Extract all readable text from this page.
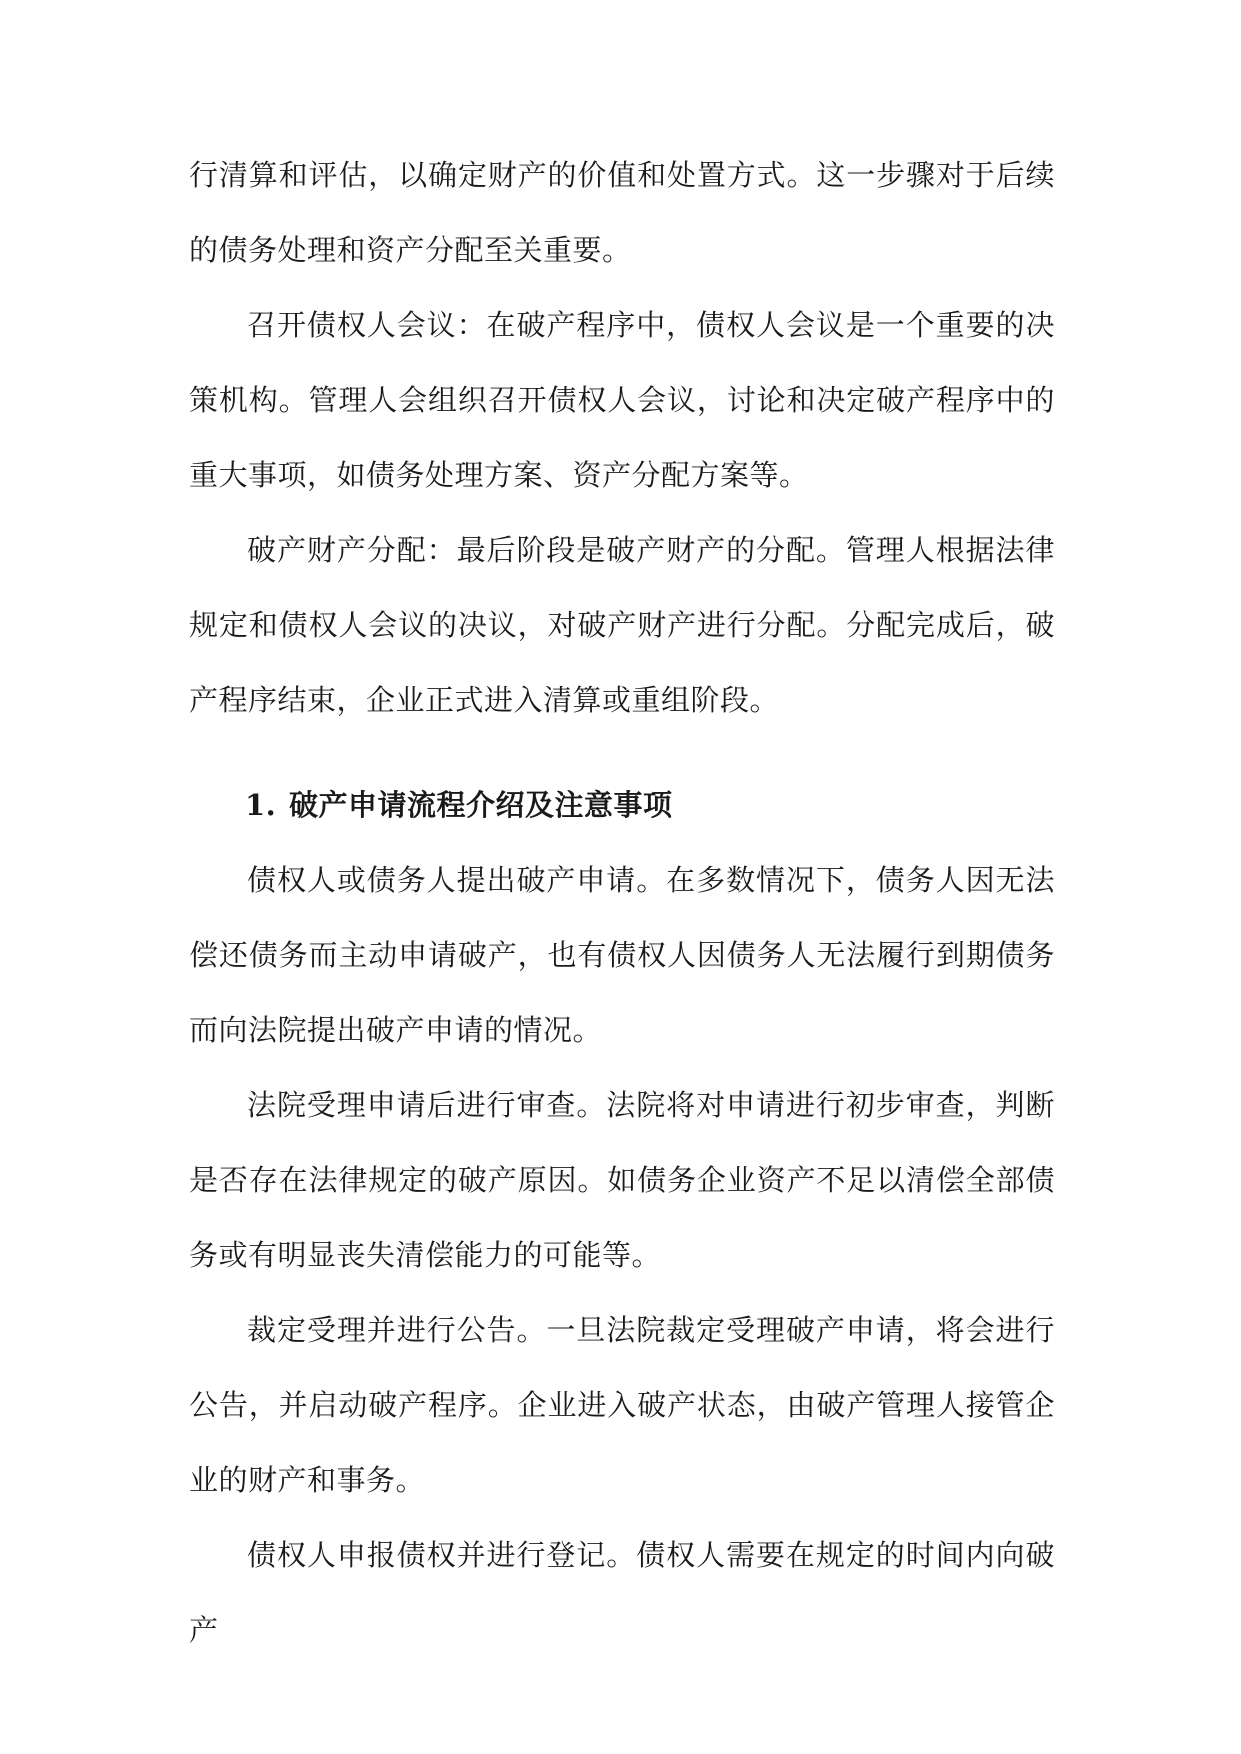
行清算和评估，以确定财产的价值和处置方式。这一步骤对于后续的债务处理和资产分配至关重要。

召开债权人会议：在破产程序中，债权人会议是一个重要的决策机构。管理人会组织召开债权人会议，讨论和决定破产程序中的重大事项，如债务处理方案、资产分配方案等。

破产财产分配：最后阶段是破产财产的分配。管理人根据法律规定和债权人会议的决议，对破产财产进行分配。分配完成后，破产程序结束，企业正式进入清算或重组阶段。

1. 破产申请流程介绍及注意事项

债权人或债务人提出破产申请。在多数情况下，债务人因无法偿还债务而主动申请破产，也有债权人因债务人无法履行到期债务而向法院提出破产申请的情况。

法院受理申请后进行审查。法院将对申请进行初步审查，判断是否存在法律规定的破产原因。如债务企业资产不足以清偿全部债务或有明显丧失清偿能力的可能等。

裁定受理并进行公告。一旦法院裁定受理破产申请，将会进行公告，并启动破产程序。企业进入破产状态，由破产管理人接管企业的财产和事务。

债权人申报债权并进行登记。债权人需要在规定的时间内向破产
